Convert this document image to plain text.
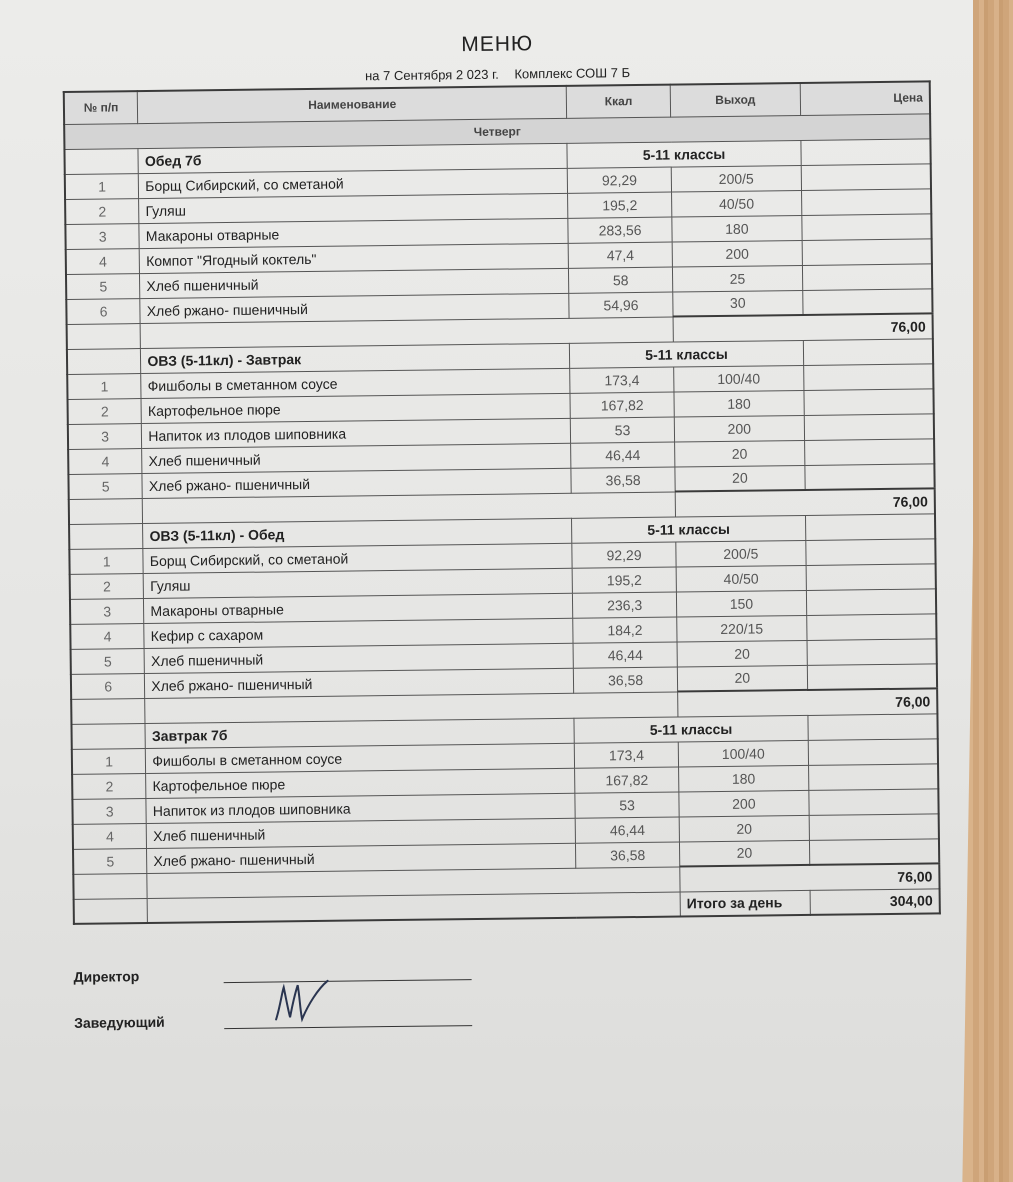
МЕНЮ
на 7 Сентября 2 023 г. Комплекс СОШ 7 Б
№ п/п	Наименование	Ккал	Выход	Цена
Четверг				
	Обед 7б	5-11 классы		
1	Борщ Сибирский, со сметаной	92,29	200/5	
2	Гуляш	195,2	40/50	
3	Макароны отварные	283,56	180	
4	Компот "Ягодный коктель"	47,4	200	
5	Хлеб пшеничный	58	25	
6	Хлеб ржано- пшеничный	54,96	30	
			76,00	
	ОВЗ (5-11кл) - Завтрак	5-11 классы		
1	Фишболы в сметанном соусе	173,4	100/40	
2	Картофельное пюре	167,82	180	
3	Напиток из плодов шиповника	53	200	
4	Хлеб пшеничный	46,44	20	
5	Хлеб ржано- пшеничный	36,58	20	
			76,00	
	ОВЗ (5-11кл) - Обед	5-11 классы		
1	Борщ Сибирский, со сметаной	92,29	200/5	
2	Гуляш	195,2	40/50	
3	Макароны отварные	236,3	150	
4	Кефир с сахаром	184,2	220/15	
5	Хлеб пшеничный	46,44	20	
6	Хлеб ржано- пшеничный	36,58	20	
			76,00	
	Завтрак 7б	5-11 классы		
1	Фишболы в сметанном соусе	173,4	100/40	
2	Картофельное пюре	167,82	180	
3	Напиток из плодов шиповника	53	200	
4	Хлеб пшеничный	46,44	20	
5	Хлеб ржано- пшеничный	36,58	20	
			76,00	
			Итого за день	304,00
Директор
Заведующий
